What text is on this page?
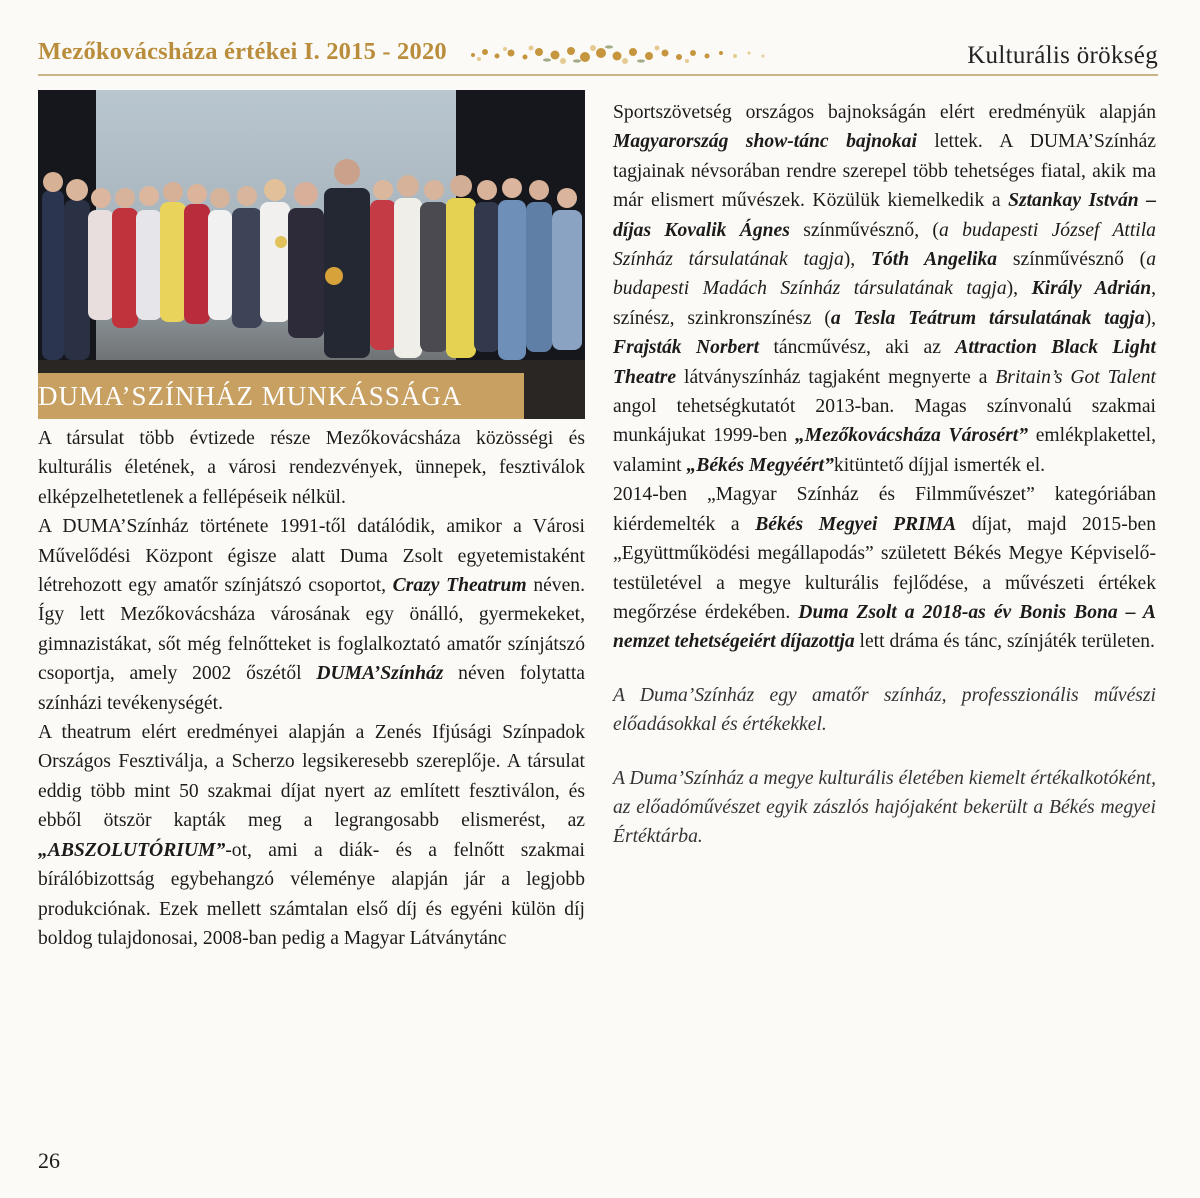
Mezőkovácsháza értékei I. 2015 - 2020	Kulturális örökség
DUMA’SZÍNHÁZ MUNKÁSSÁGA

A társulat több évtizede része Mezőkovácsháza közösségi és kulturális életének, a városi rendezvények, ünnepek, fesztiválok elképzelhetetlenek a fellépéseik nélkül.

A DUMA’Színház története 1991-től datálódik, amikor a Városi Művelődési Központ égisze alatt Duma Zsolt egyetemistaként létrehozott egy amatőr színjátszó csoportot, Crazy Theatrum néven. Így lett Mezőkovácsháza városának egy önálló, gyermekeket, gimnazistákat, sőt még felnőtteket is foglalkoztató amatőr színjátszó csoportja, amely 2002 őszétől DUMA’Színház néven folytatta színházi tevékenységét.

A theatrum elért eredményei alapján a Zenés Ifjúsági Színpadok Országos Fesztiválja, a Scherzo legsikeresebb szereplője. A társulat eddig több mint 50 szakmai díjat nyert az említett fesztiválon, és ebből ötször kapták meg a legrangosabb elismerést, az „ABSZOLUTÓRIUM”-ot, ami a diák- és a felnőtt szakmai bírálóbizottság egybehangzó véleménye alapján jár a legjobb produkciónak. Ezek mellett számtalan első díj és egyéni külön díj boldog tulajdonosai, 2008-ban pedig a Magyar Látványtánc

Sportszövetség országos bajnokságán elért eredményük alapján Magyarország show-tánc bajnokai lettek. A DUMA’Színház tagjainak névsorában rendre szerepel több tehetséges fiatal, akik ma már elismert művészek. Közülük kiemelkedik a Sztankay István – díjas Kovalik Ágnes színművésznő, (a budapesti József Attila Színház társulatának tagja), Tóth Angelika színművésznő (a budapesti Madách Színház társulatának tagja), Király Adrián, színész, szinkronszínész (a Tesla Teátrum társulatának tagja), Frajsták Norbert táncművész, aki az Attraction Black Light Theatre látványszínház tagjaként megnyerte a Britain’s Got Talent angol tehetségkutatót 2013-ban. Magas színvonalú szakmai munkájukat 1999-ben „Mezőkovácsháza Városért” emlékplakettel, valamint „Békés Megyéért”kitüntető díjjal ismerték el.

2014-ben „Magyar Színház és Filmművészet” kategóriában kiérdemelték a Békés Megyei PRIMA díjat, majd 2015-ben „Együttműködési megállapodás” született Békés Megye Képviselő-testületével a megye kulturális fejlődése, a művészeti értékek megőrzése érdekében. Duma Zsolt a 2018-as év Bonis Bona – A nemzet tehetségeiért díjazottja lett dráma és tánc, színjáték területen.

A Duma’Színház egy amatőr színház, professzionális művészi előadásokkal és értékekkel.

A Duma’Színház a megye kulturális életében kiemelt értékalkotóként, az előadóművészet egyik zászlós hajójaként bekerült a Békés megyei Értéktárba.

26
